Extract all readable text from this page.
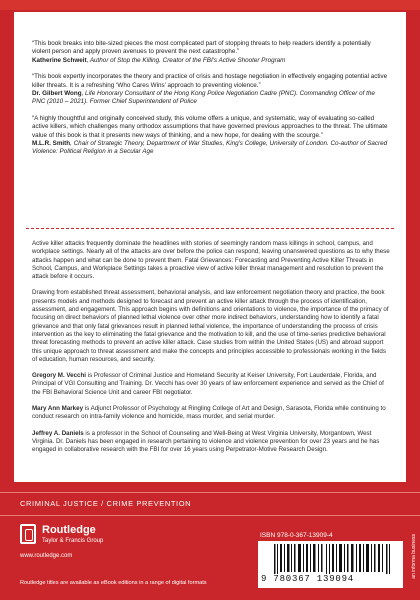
“This book breaks into bite-sized pieces the most complicated part of stopping threats to help readers identify a potentially violent person and apply proven avenues to prevent the next catastrophe.”
Katherine Schweit, Author of Stop the Killing. Creator of the FBI's Active Shooter Program

“This book expertly incorporates the theory and practice of crisis and hostage negotiation in effectively engaging potential active killer threats. It is a refreshing ‘Who Cares Wins’ approach to preventing violence.”
Dr. Gilbert Wong, Life Honorary Consultant of the Hong Kong Police Negotiation Cadre (PNC). Commanding Officer of the PNC (2010 – 2021). Former Chief Superintendent of Police

“A highly thoughtful and originally conceived study, this volume offers a unique, and systematic, way of evaluating so-called active killers, which challenges many orthodox assumptions that have governed previous approaches to the threat. The ultimate value of this book is that it presents new ways of thinking, and a new hope, for dealing with the scourge.”
M.L.R. Smith, Chair of Strategic Theory, Department of War Studies, King's College, University of London. Co-author of Sacred Violence: Political Religion in a Secular Age

Active killer attacks frequently dominate the headlines with stories of seemingly random mass killings in school, campus, and workplace settings. Nearly all of the attacks are over before the police can respond, leaving unanswered questions as to why these attacks happen and what can be done to prevent them. Fatal Grievances: Forecasting and Preventing Active Killer Threats in School, Campus, and Workplace Settings takes a proactive view of active killer threat management and resolution to prevent the attack before it occurs.

Drawing from established threat assessment, behavioral analysis, and law enforcement negotiation theory and practice, the book presents models and methods designed to forecast and prevent an active killer attack through the process of identification, assessment, and engagement. This approach begins with definitions and orientations to violence, the importance of the primacy of focusing on direct behaviors of planned lethal violence over other more indirect behaviors, understanding how to identify a fatal grievance and that only fatal grievances result in planned lethal violence, the importance of understanding the process of crisis intervention as the key to eliminating the fatal grievance and the motivation to kill, and the use of time-series predictive behavioral threat forecasting methods to prevent an active killer attack. Case studies from within the United States (US) and abroad support this unique approach to threat assessment and make the concepts and principles accessible to professionals working in the fields of education, human resources, and security.

Gregory M. Vecchi is Professor of Criminal Justice and Homeland Security at Keiser University, Fort Lauderdale, Florida, and Principal of VGI Consulting and Training. Dr. Vecchi has over 30 years of law enforcement experience and served as the Chief of the FBI Behavioral Science Unit and career FBI negotiator.

Mary Ann Markey is Adjunct Professor of Psychology at Ringling College of Art and Design, Sarasota, Florida while continuing to conduct research on intra-family violence and homicide, mass murder, and serial murder.

Jeffrey A. Daniels is a professor in the School of Counseling and Well-Being at West Virginia University, Morgantown, West Virginia. Dr. Daniels has been engaged in research pertaining to violence and violence prevention for over 23 years and he has engaged in collaborative research with the FBI for over 16 years using Perpetrator-Motive Research Design.

CRIMINAL JUSTICE / CRIME PREVENTION
Routledge
Taylor & Francis Group
www.routledge.com
Routledge titles are available as eBook editions in a range of digital formats
ISBN 978-0-367-13909-4
9 780367 139094
an informa business
